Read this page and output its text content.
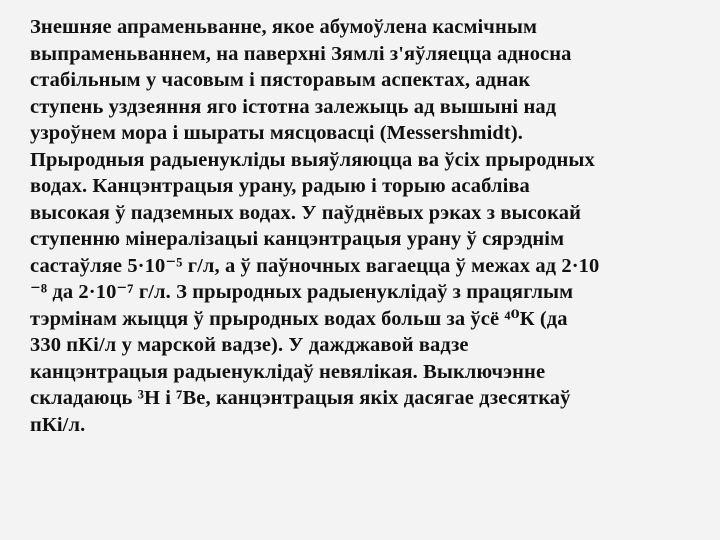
Знешняе апраменьванне, якое абумоўлена касмічным
выпраменьваннем, на паверхні Зямлі з'яўляецца адносна
стабільным у часовым і пясторавым аспектах, аднак
ступень уздзеяння яго істотна залежыць ад вышыні над
узроўнем мора і шыраты мясцовасці (Messershmidt).
Прыродныя радыенукліды выяўляюцца ва ўсіх прыродных
водах. Канцэнтрацыя урану, радыю і торыю асабліва
высокая ў падземных водах. У паўднёвых рэках з высокай
ступенню мінералізацыі канцэнтрацыя урану ў сярэднім
састаўляе 5·10⁻⁵ г/л, а ў паўночных вагаецца ў межах ад 2·10
⁻⁸ да 2·10⁻⁷ г/л. З прыродных радыенуклідаў з працяглым
тэрмінам жыцця ў прыродных водах больш за ўсё ⁴⁰К (да
330 пКі/л у марской вадзе). У дажджавой вадзе
канцэнтрацыя радыенуклідаў невялікая. Выключэнне
складаюць ³Н і ⁷Ве, канцэнтрацыя якіх дасягае дзесяткаў
пКі/л.
